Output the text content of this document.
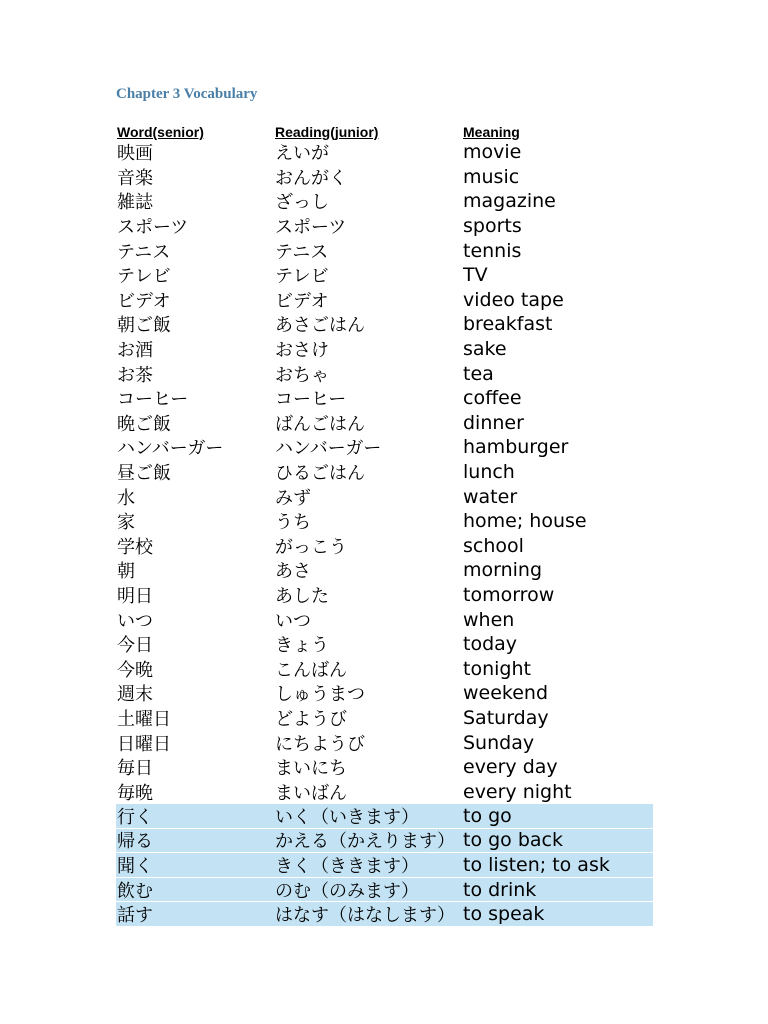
Chapter 3 Vocabulary
Word(senior)	Reading(junior)	Meaning
映画	えいが	movie
音楽	おんがく	music
雑誌	ざっし	magazine
スポーツ	スポーツ	sports
テニス	テニス	tennis
テレビ	テレビ	TV
ビデオ	ビデオ	video tape
朝ご飯	あさごはん	breakfast
お酒	おさけ	sake
お茶	おちゃ	tea
コーヒー	コーヒー	coffee
晩ご飯	ばんごはん	dinner
ハンバーガー	ハンバーガー	hamburger
昼ご飯	ひるごはん	lunch
水	みず	water
家	うち	home; house
学校	がっこう	school
朝	あさ	morning
明日	あした	tomorrow
いつ	いつ	when
今日	きょう	today
今晩	こんばん	tonight
週末	しゅうまつ	weekend
土曜日	どようび	Saturday
日曜日	にちようび	Sunday
毎日	まいにち	every day
毎晩	まいばん	every night
行く	いく（いきます）	to go
帰る	かえる（かえります） to go back
聞く	きく（ききます）	to listen; to ask
飲む	のむ（のみます）	to drink
話す	はなす（はなします） to speak
